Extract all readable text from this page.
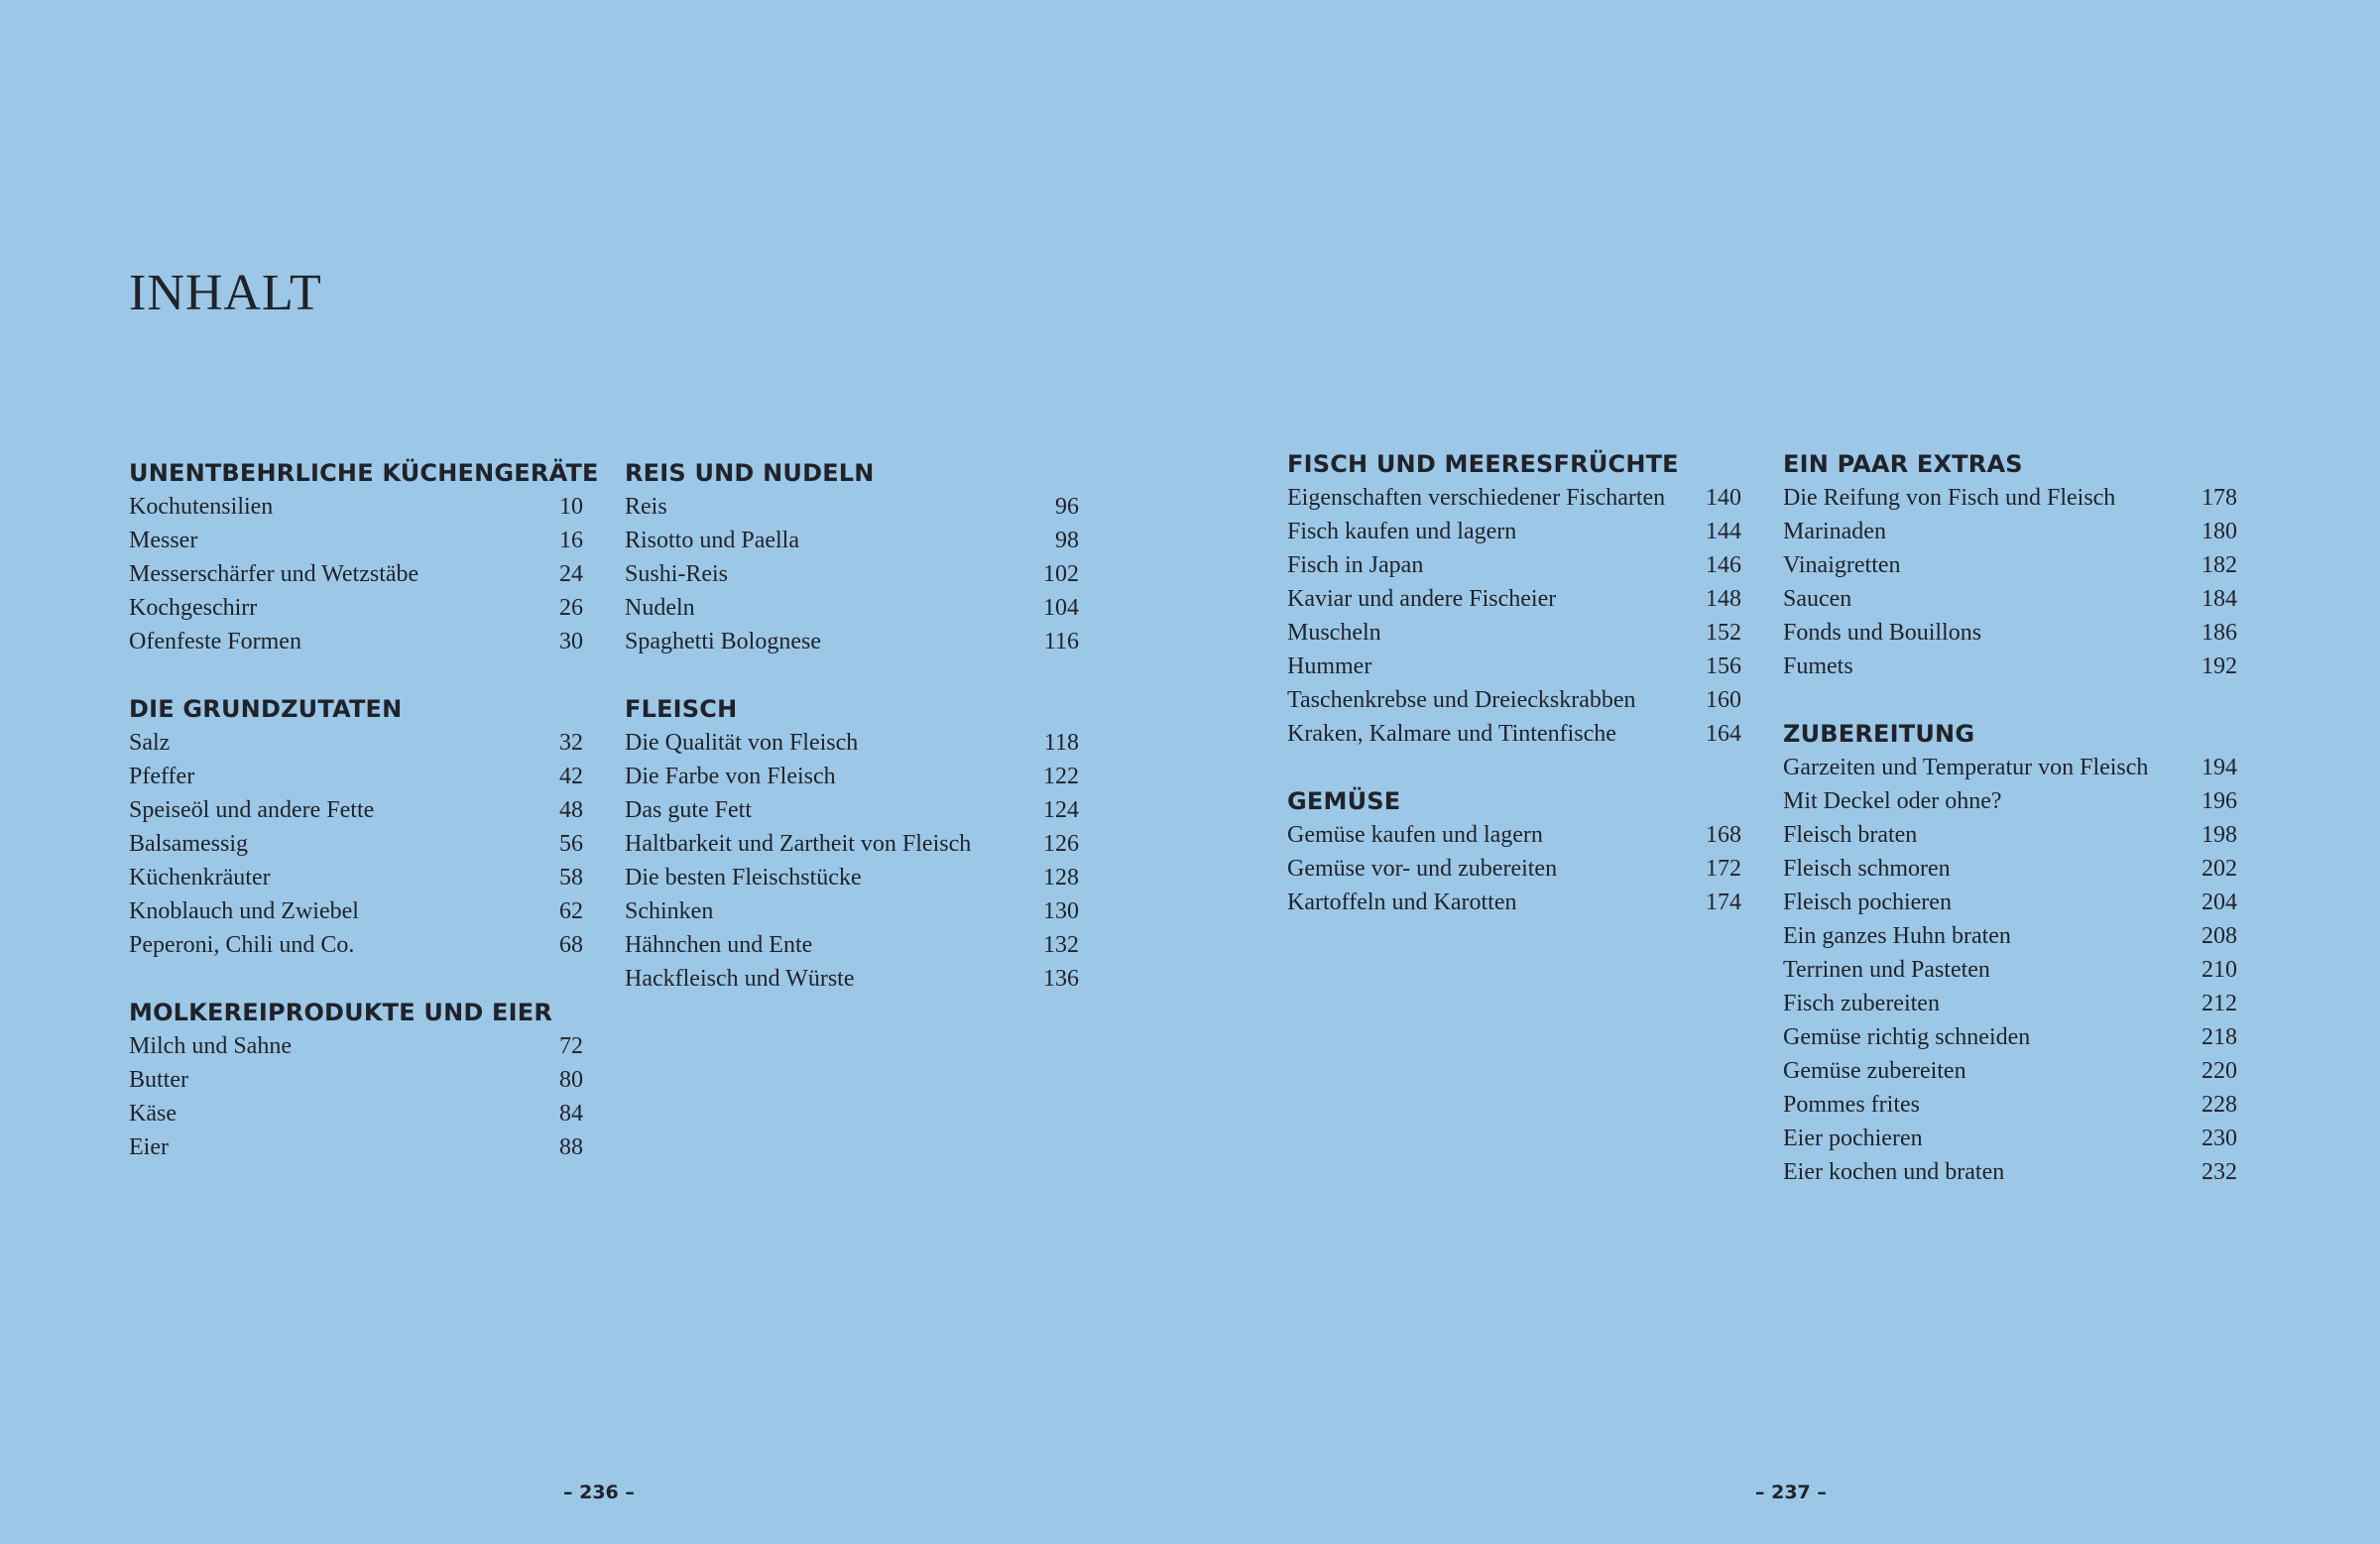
INHALT
UNENTBEHRLICHE KÜCHENGERÄTE
Kochutensilien	10
Messer	16
Messerschärfer und Wetzstäbe	24
Kochgeschirr	26
Ofenfeste Formen	30
DIE GRUNDZUTATEN
Salz	32
Pfeffer	42
Speiseöl und andere Fette	48
Balsamessig	56
Küchenkräuter	58
Knoblauch und Zwiebel	62
Peperoni, Chili und Co.	68
MOLKEREIPRODUKTE UND EIER
Milch und Sahne	72
Butter	80
Käse	84
Eier	88
REIS UND NUDELN
Reis	96
Risotto und Paella	98
Sushi-Reis	102
Nudeln	104
Spaghetti Bolognese	116
FLEISCH
Die Qualität von Fleisch	118
Die Farbe von Fleisch	122
Das gute Fett	124
Haltbarkeit und Zartheit von Fleisch	126
Die besten Fleischstücke	128
Schinken	130
Hähnchen und Ente	132
Hackfleisch und Würste	136
FISCH UND MEERESFRÜCHTE
Eigenschaften verschiedener Fischarten 140
Fisch kaufen und lagern	144
Fisch in Japan	146
Kaviar und andere Fischeier	148
Muscheln	152
Hummer	156
Taschenkrebse und Dreieckskrabben	160
Kraken, Kalmare und Tintenfische	164
GEMÜSE
Gemüse kaufen und lagern	168
Gemüse vor- und zubereiten	172
Kartoffeln und Karotten	174
EIN PAAR EXTRAS
Die Reifung von Fisch und Fleisch	178
Marinaden	180
Vinaigretten	182
Saucen	184
Fonds und Bouillons	186
Fumets	192
ZUBEREITUNG
Garzeiten und Temperatur von Fleisch 194
Mit Deckel oder ohne?	196
Fleisch braten	198
Fleisch schmoren	202
Fleisch pochieren	204
Ein ganzes Huhn braten	208
Terrinen und Pasteten	210
Fisch zubereiten	212
Gemüse richtig schneiden	218
Gemüse zubereiten	220
Pommes frites	228
Eier pochieren	230
Eier kochen und braten	232
– 236 –	– 237 –
